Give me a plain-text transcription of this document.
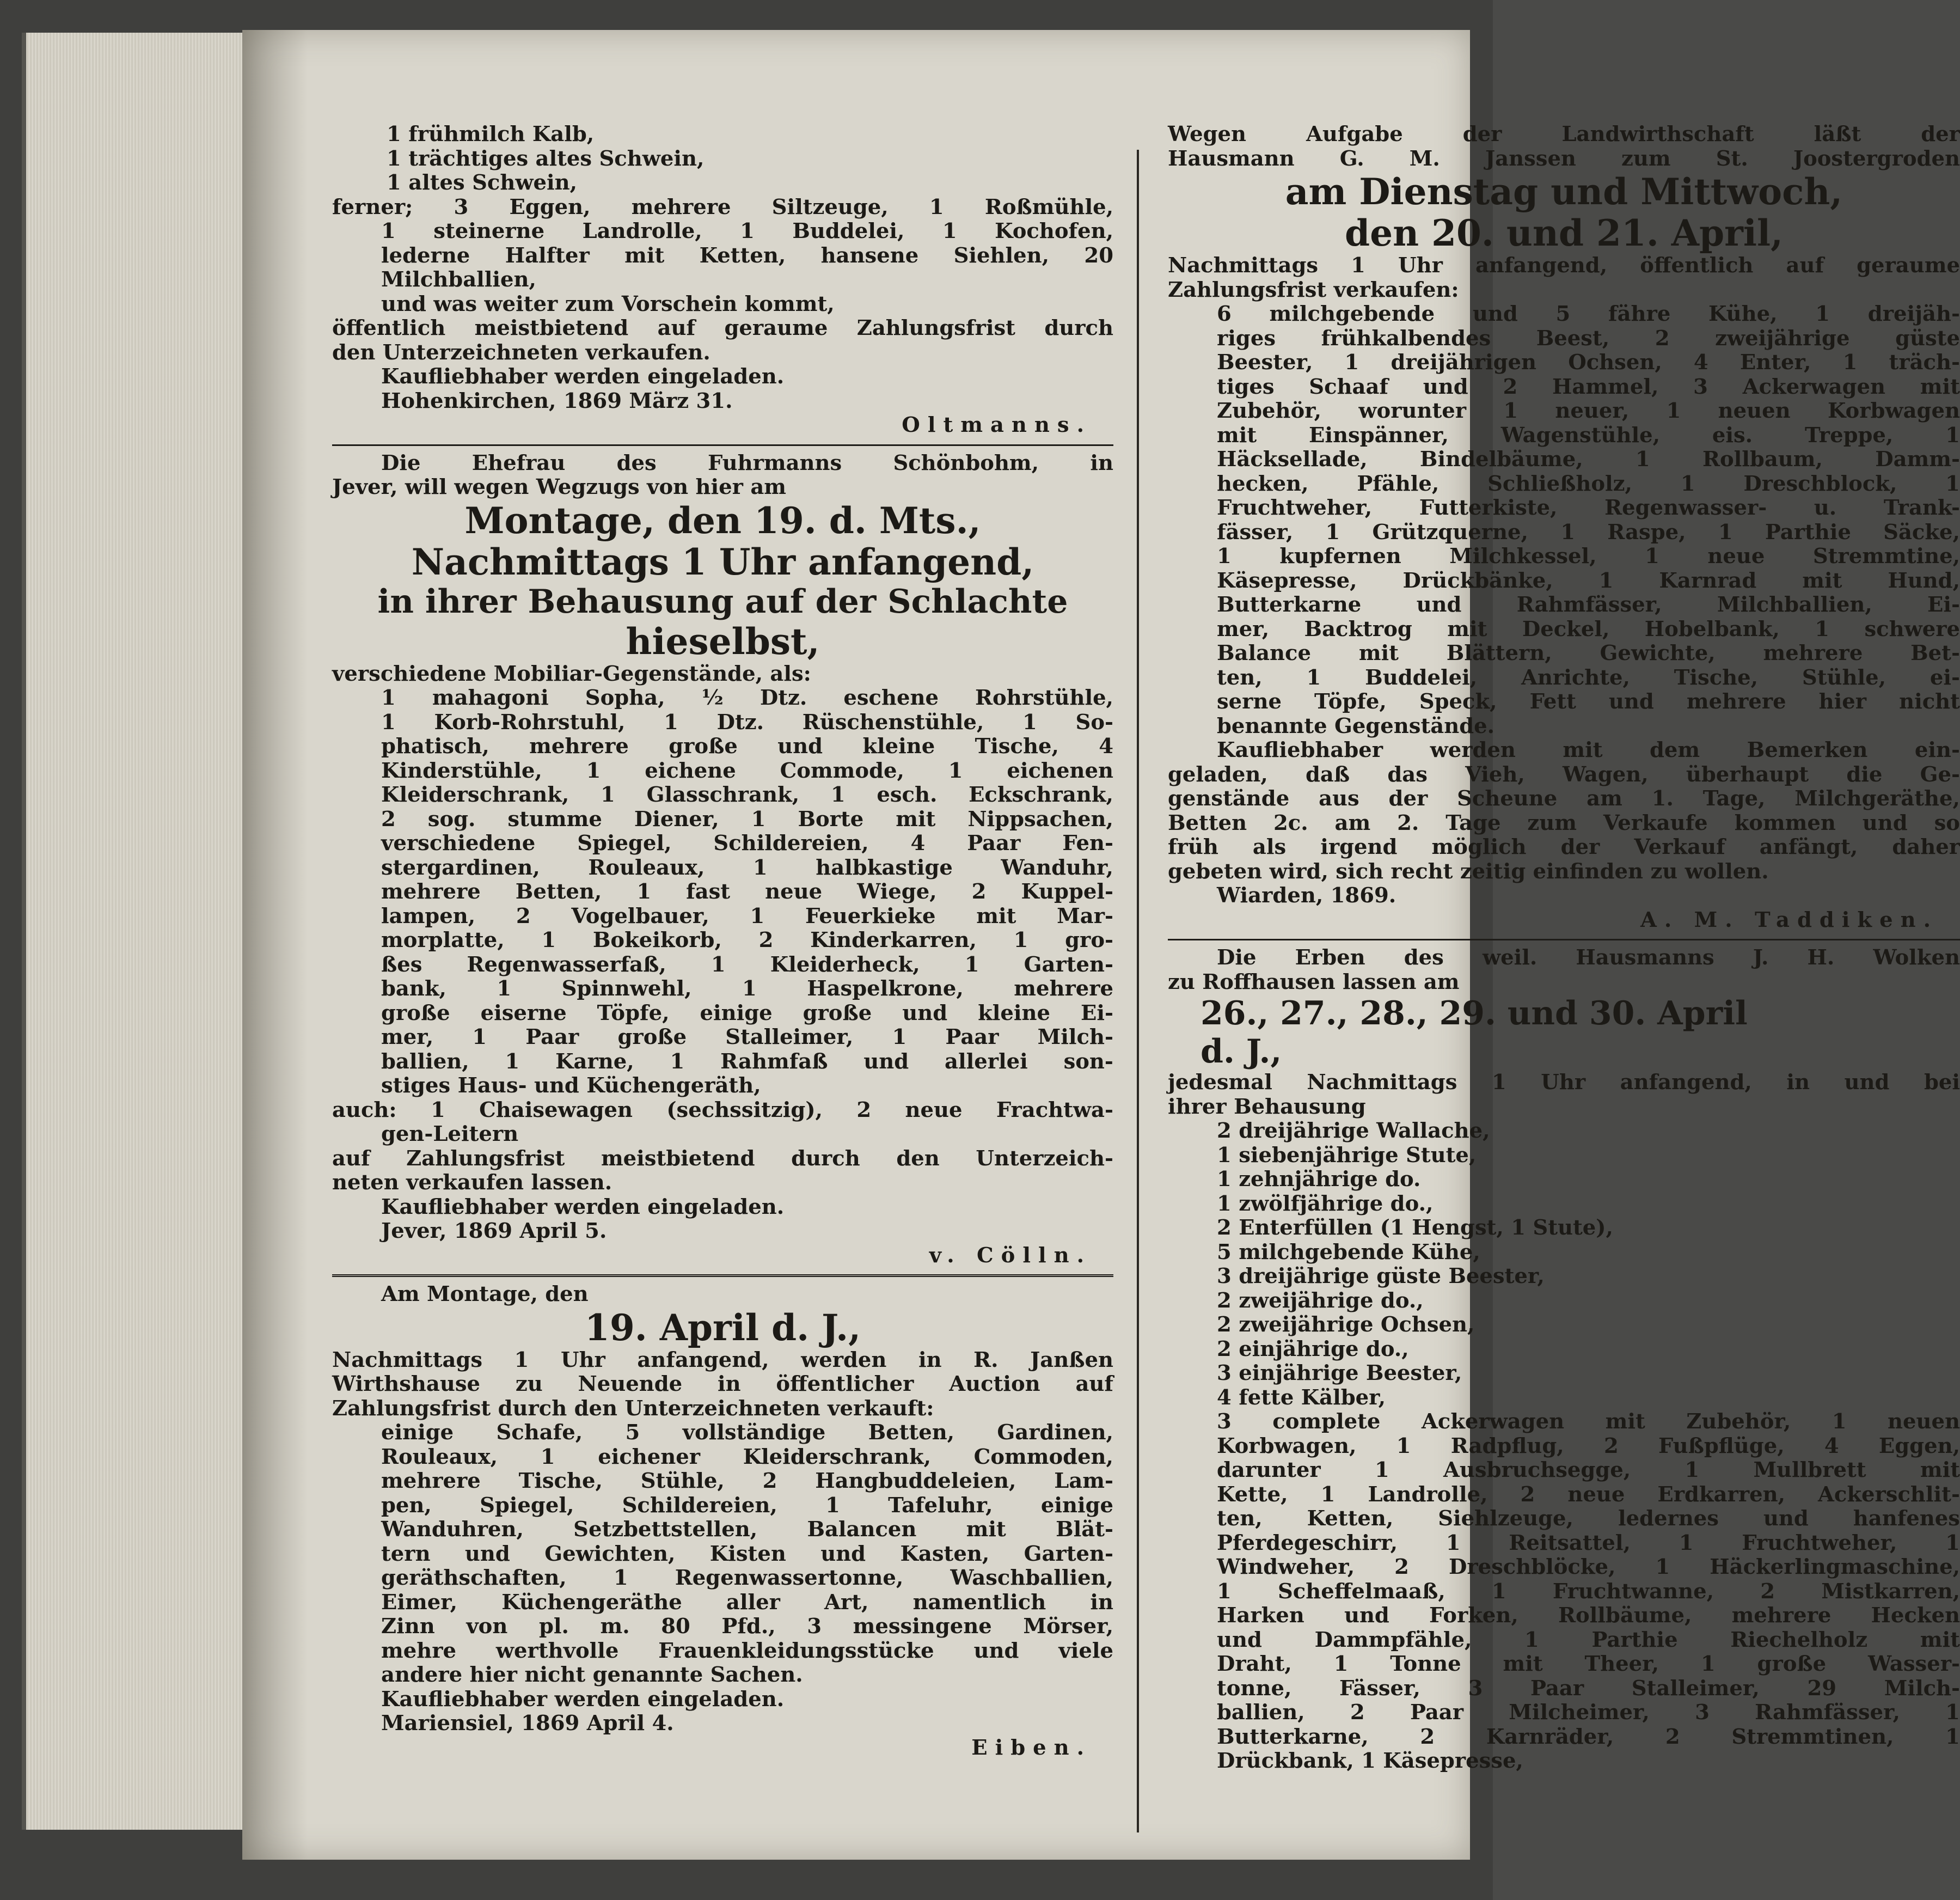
1 frühmilch Kalb,
1 trächtiges altes Schwein,
1 altes Schwein,
ferner; 3 Eggen, mehrere Siltzeuge, 1 Roßmühle,
1 steinerne Landrolle, 1 Buddelei, 1 Kochofen,
lederne Halfter mit Ketten, hansene Siehlen, 20
Milchballien,
und was weiter zum Vorschein kommt,
öffentlich meistbietend auf geraume Zahlungsfrist durch
den Unterzeichneten verkaufen.
Kaufliebhaber werden eingeladen.
Hohenkirchen, 1869 März 31.
Oltmanns.
Die Ehefrau des Fuhrmanns Schönbohm, in
Jever, will wegen Wegzugs von hier am
Montage, den 19. d. Mts.,
Nachmittags 1 Uhr anfangend,
in ihrer Behausung auf der Schlachte
hieselbst,
verschiedene Mobiliar-Gegenstände, als:
1 mahagoni Sopha, ½ Dtz. eschene Rohrstühle,
1 Korb-Rohrstuhl, 1 Dtz. Rüschenstühle, 1 So-
phatisch, mehrere große und kleine Tische, 4
Kinderstühle, 1 eichene Commode, 1 eichenen
Kleiderschrank, 1 Glasschrank, 1 esch. Eckschrank,
2 sog. stumme Diener, 1 Borte mit Nippsachen,
verschiedene Spiegel, Schildereien, 4 Paar Fen-
stergardinen, Rouleaux, 1 halbkastige Wanduhr,
mehrere Betten, 1 fast neue Wiege, 2 Kuppel-
lampen, 2 Vogelbauer, 1 Feuerkieke mit Mar-
morplatte, 1 Bokeikorb, 2 Kinderkarren, 1 gro-
ßes Regenwasserfaß, 1 Kleiderheck, 1 Garten-
bank, 1 Spinnwehl, 1 Haspelkrone, mehrere
große eiserne Töpfe, einige große und kleine Ei-
mer, 1 Paar große Stalleimer, 1 Paar Milch-
ballien, 1 Karne, 1 Rahmfaß und allerlei son-
stiges Haus- und Küchengeräth,
auch: 1 Chaisewagen (sechssitzig), 2 neue Frachtwa-
gen-Leitern
auf Zahlungsfrist meistbietend durch den Unterzeich-
neten verkaufen lassen.
Kaufliebhaber werden eingeladen.
Jever, 1869 April 5.
v. Cölln.
Am Montage, den
19. April d. J.,
Nachmittags 1 Uhr anfangend, werden in R. Janßen
Wirthshause zu Neuende in öffentlicher Auction auf
Zahlungsfrist durch den Unterzeichneten verkauft:
einige Schafe, 5 vollständige Betten, Gardinen,
Rouleaux, 1 eichener Kleiderschrank, Commoden,
mehrere Tische, Stühle, 2 Hangbuddeleien, Lam-
pen, Spiegel, Schildereien, 1 Tafeluhr, einige
Wanduhren, Setzbettstellen, Balancen mit Blät-
tern und Gewichten, Kisten und Kasten, Garten-
geräthschaften, 1 Regenwassertonne, Waschballien,
Eimer, Küchengeräthe aller Art, namentlich in
Zinn von pl. m. 80 Pfd., 3 messingene Mörser,
mehre werthvolle Frauenkleidungsstücke und viele
andere hier nicht genannte Sachen.
Kaufliebhaber werden eingeladen.
Mariensiel, 1869 April 4.
Eiben.
Wegen	Aufgabe	der	Landwirthschaft	läßt	der
Hausmann G. M. Janssen zum St. Joostergroden
am Dienstag und Mittwoch,
den 20. und 21. April,
Nachmittags 1 Uhr anfangend, öffentlich auf geraume
Zahlungsfrist verkaufen:
6 milchgebende und 5 fähre Kühe, 1 dreijäh-
riges frühkalbendes Beest, 2 zweijährige güste
Beester, 1 dreijährigen Ochsen, 4 Enter, 1 träch-
tiges Schaaf und 2 Hammel, 3 Ackerwagen mit
Zubehör, worunter 1 neuer, 1 neuen Korbwagen
mit Einspänner, Wagenstühle, eis. Treppe, 1
Häcksellade,	Bindelbäume,	1	Rollbaum,	Damm-
hecken, Pfähle, Schließholz, 1 Dreschblock, 1
Fruchtweher, Futterkiste, Regenwasser- u. Trank-
fässer, 1 Grützquerne, 1 Raspe, 1 Parthie Säcke,
1 kupfernen Milchkessel, 1 neue Stremmtine,
Käsepresse, Drückbänke, 1 Karnrad mit Hund,
Butterkarne	und	Rahmfässer,	Milchballien,	Ei-
mer, Backtrog mit Deckel, Hobelbank, 1 schwere
Balance mit Blättern, Gewichte, mehrere Bet-
ten, 1 Buddelei, Anrichte, Tische, Stühle, ei-
serne Töpfe, Speck, Fett und mehrere hier nicht
benannte Gegenstände.
Kaufliebhaber werden mit dem Bemerken ein-
geladen, daß das Vieh, Wagen, überhaupt die Ge-
genstände aus der Scheune am 1. Tage, Milchgeräthe,
Betten 2c. am 2. Tage zum Verkaufe kommen und so
früh als irgend möglich der Verkauf anfängt, daher
gebeten wird, sich recht zeitig einfinden zu wollen.
Wiarden, 1869.
A. M. Taddiken.
Die Erben des weil. Hausmanns J. H. Wolken
zu Roffhausen lassen am
26., 27., 28., 29. und 30. April
d. J.,
jedesmal Nachmittags 1 Uhr anfangend, in und bei
ihrer Behausung
2 dreijährige Wallache,
1 siebenjährige Stute,
1 zehnjährige do.
1 zwölfjährige do.,
2 Enterfüllen (1 Hengst, 1 Stute),
5 milchgebende Kühe,
3 dreijährige güste Beester,
2 zweijährige do.,
2 zweijährige Ochsen,
2 einjährige do.,
3 einjährige Beester,
4 fette Kälber,
3 complete Ackerwagen mit Zubehör, 1 neuen
Korbwagen, 1 Radpflug, 2 Fußpflüge, 4 Eggen,
darunter	1	Ausbruchsegge,	1	Mullbrett	mit
Kette, 1 Landrolle, 2 neue Erdkarren, Ackerschlit-
ten, Ketten, Siehlzeuge, ledernes und hanfenes
Pferdegeschirr, 1 Reitsattel, 1 Fruchtweher, 1
Windweher, 2 Dreschblöcke, 1 Häckerlingmaschine,
1 Scheffelmaaß, 1 Fruchtwanne, 2 Mistkarren,
Harken und Forken, Rollbäume, mehrere Hecken
und	Dammpfähle,	1	Parthie	Riechelholz	mit
Draht, 1 Tonne mit Theer, 1 große Wasser-
tonne, Fässer, 3 Paar Stalleimer, 29 Milch-
ballien, 2 Paar Milcheimer, 3 Rahmfässer, 1
Butterkarne, 2 Karnräder, 2 Stremmtinen, 1
Drückbank, 1 Käsepresse,
